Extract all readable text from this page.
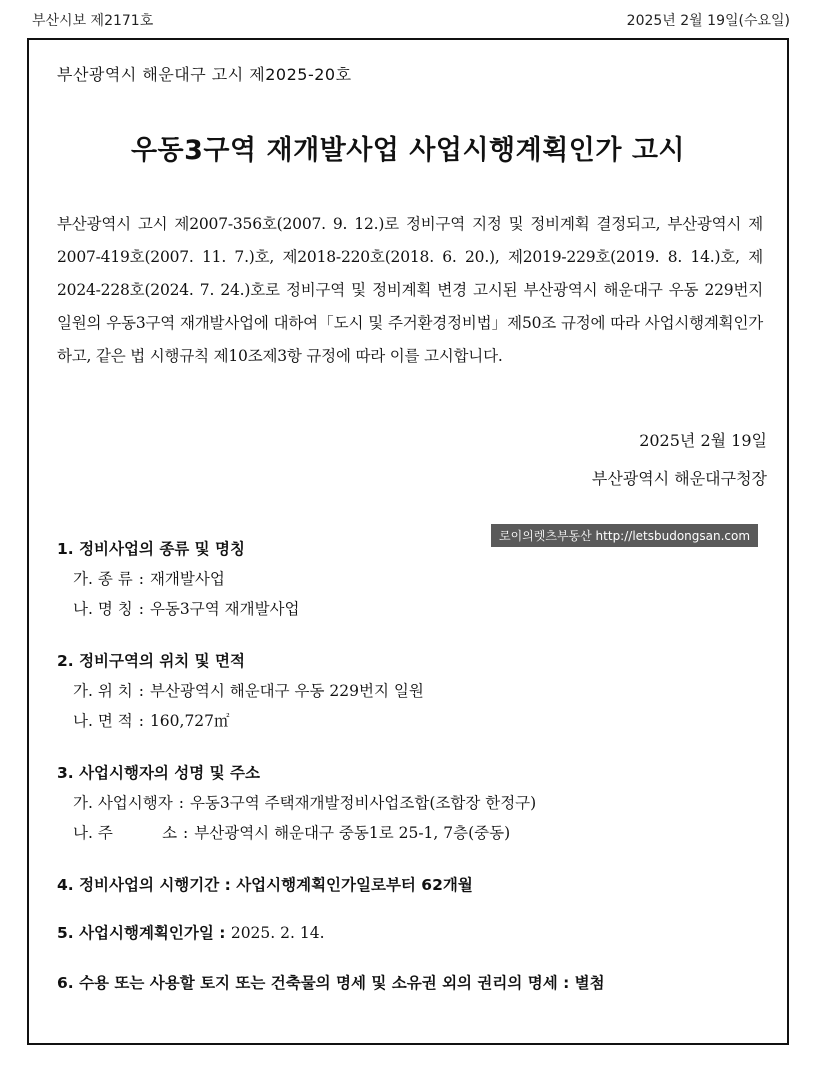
부산시보 제2171호	2025년 2월 19일(수요일)
부산광역시 해운대구 고시 제2025-20호
우동3구역 재개발사업 사업시행계획인가 고시

부산광역시 고시 제2007-356호(2007. 9. 12.)로 정비구역 지정 및 정비계획 결정되고, 부산광역시 제2007-419호(2007. 11. 7.)호, 제2018-220호(2018. 6. 20.), 제2019-229호(2019. 8. 14.)호, 제2024-228호(2024. 7. 24.)호로 정비구역 및 정비계획 변경 고시된 부산광역시 해운대구 우동 229번지 일원의 우동3구역 재개발사업에 대하여「도시 및 주거환경정비법」제50조 규정에 따라 사업시행계획인가하고, 같은 법 시행규칙 제10조제3항 규정에 따라 이를 고시합니다.

2025년 2월 19일
부산광역시 해운대구청장
로이의렛츠부동산 http://letsbudongsan.com
1. 정비사업의 종류 및 명칭
가. 종 류 : 재개발사업
나. 명 칭 : 우동3구역 재개발사업
2. 정비구역의 위치 및 면적
가. 위 치 : 부산광역시 해운대구 우동 229번지 일원
나. 면 적 : 160,727㎡
3. 사업시행자의 성명 및 주소
가. 사업시행자 : 우동3구역 주택재개발정비사업조합(조합장 한정구)
나. 주          소 : 부산광역시 해운대구 중동1로 25-1, 7층(중동)
4. 정비사업의 시행기간 : 사업시행계획인가일로부터 62개월
5. 사업시행계획인가일 : 2025. 2. 14.
6. 수용 또는 사용할 토지 또는 건축물의 명세 및 소유권 외의 권리의 명세 : 별첨
